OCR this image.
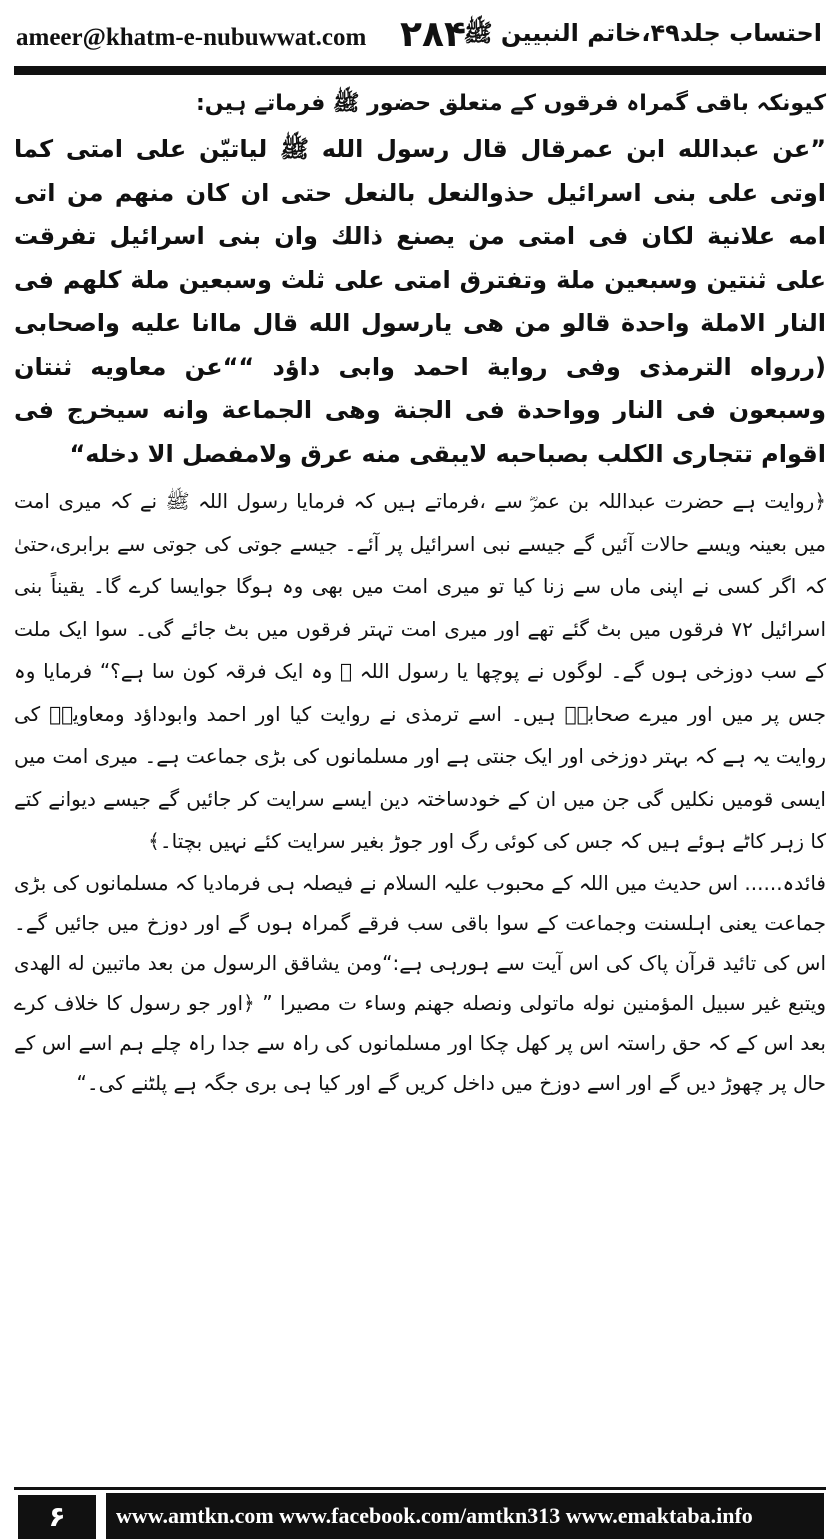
ameer@khatm-e-nubuwwat.com ۲۸۴
احتساب جلد۴۹،خاتم النبیین ﷺ

کیونکہ باقی گمراہ فرقوں کے متعلق حضور ﷺ فرماتے ہیں:

”عن عبدالله ابن عمرقال قال رسول الله ﷺ لياتيّن على امتى كما اوتى على بنى اسرائيل حذوالنعل بالنعل حتى ان كان منهم من اتى امه علانية لكان فى امتى من يصنع ذالك وان بنى اسرائيل تفرقت على ثنتين وسبعين ملة وتفترق امتى على ثلث وسبعين ملة كلهم فى النار الاملة واحدة قالو من هى يارسول الله قال ماانا عليه واصحابى (ررواه الترمذى وفى رواية احمد وابى داؤد ““عن معاويه ثنتان وسبعون فى النار وواحدة فى الجنة وهى الجماعة وانه سيخرج فى اقوام تتجارى الكلب بصباحبه لايبقى منه عرق ولامفصل الا دخله“

﴿روایت ہے حضرت عبداللہ بن عمرؓ سے ،فرماتے ہیں کہ فرمایا رسول اللہ ﷺ نے کہ میری امت میں بعینہ ویسے حالات آئیں گے جیسے نبی اسرائیل پر آئے۔ جیسے جوتی کی جوتی سے برابری،حتیٰ کہ اگر کسی نے اپنی ماں سے زنا کیا تو میری امت میں بھی وہ ہوگا جوایسا کرے گا۔ یقیناً بنی اسرائیل ۷۲ فرقوں میں بٹ گئے تھے اور میری امت تہتر فرقوں میں بٹ جائے گی۔ سوا ایک ملت کے سب دوزخی ہوں گے۔ لوگوں نے پوچھا یا رسول اللہ ﷺ وہ ایک فرقہ کون سا ہے؟“ فرمایا وہ جس پر میں اور میرے صحابہؓ ہیں۔ اسے ترمذی نے روایت کیا اور احمد وابوداؤد ومعاویہؓ کی روایت یہ ہے کہ بہتر دوزخی اور ایک جنتی ہے اور مسلمانوں کی بڑی جماعت ہے۔ میری امت میں ایسی قومیں نکلیں گی جن میں ان کے خودساختہ دین ایسے سرایت کر جائیں گے جیسے دیوانے کتے کا زہر کاٹے ہوئے ہیں کہ جس کی کوئی رگ اور جوڑ بغیر سرایت کئے نہیں بچتا۔﴾

فائدہ...... اس حدیث میں اللہ کے محبوب علیہ السلام نے فیصلہ ہی فرمادیا کہ مسلمانوں کی بڑی جماعت یعنی اہلسنت وجماعت کے سوا باقی سب فرقے گمراہ ہوں گے اور دوزخ میں جائیں گے۔ اس کی تائید قرآن پاک کی اس آیت سے ہورہی ہے:“ومن يشاقق الرسول من بعد ماتبين له الهدى ويتبع غير سبيل المؤمنين نوله ماتولى ونصله جهنم وساء ت مصيرا ” ﴿اور جو رسول کا خلاف کرے بعد اس کے کہ حق راستہ اس پر کھل چکا اور مسلمانوں کی راہ سے جدا راہ چلے ہم اسے اس کے حال پر چھوڑ دیں گے اور اسے دوزخ میں داخل کریں گے اور کیا ہی بری جگہ ہے پلٹنے کی۔“

۶	www.amtkn.com www.facebook.com/amtkn313 www.emaktaba.info
